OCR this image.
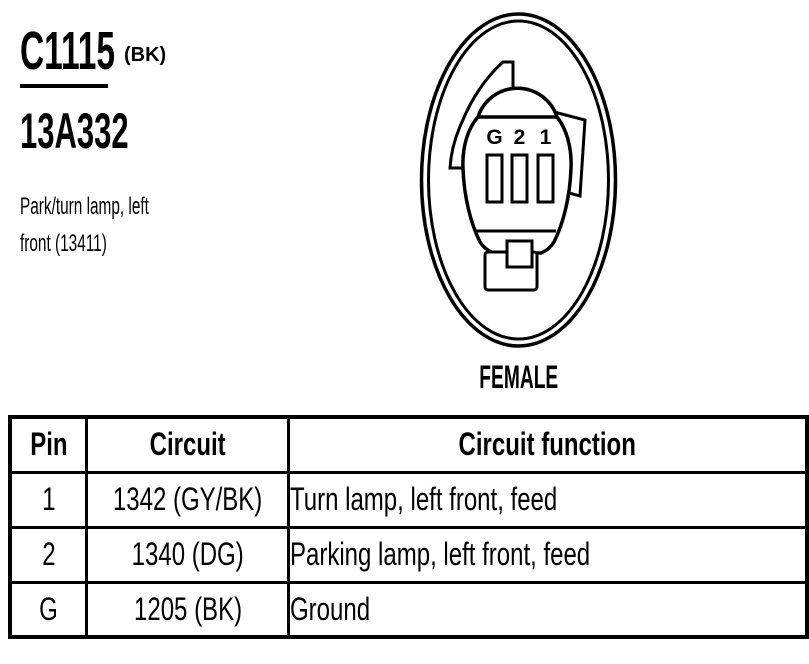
C1115 (BK)
13A332
Park/turn lamp, left
front (13411)
G 2 1
FEMALE
Pin	Circuit	Circuit function
1	1342 (GY/BK)	Turn lamp, left front, feed
2	1340 (DG)	Parking lamp, left front, feed
G	1205 (BK)	Ground
